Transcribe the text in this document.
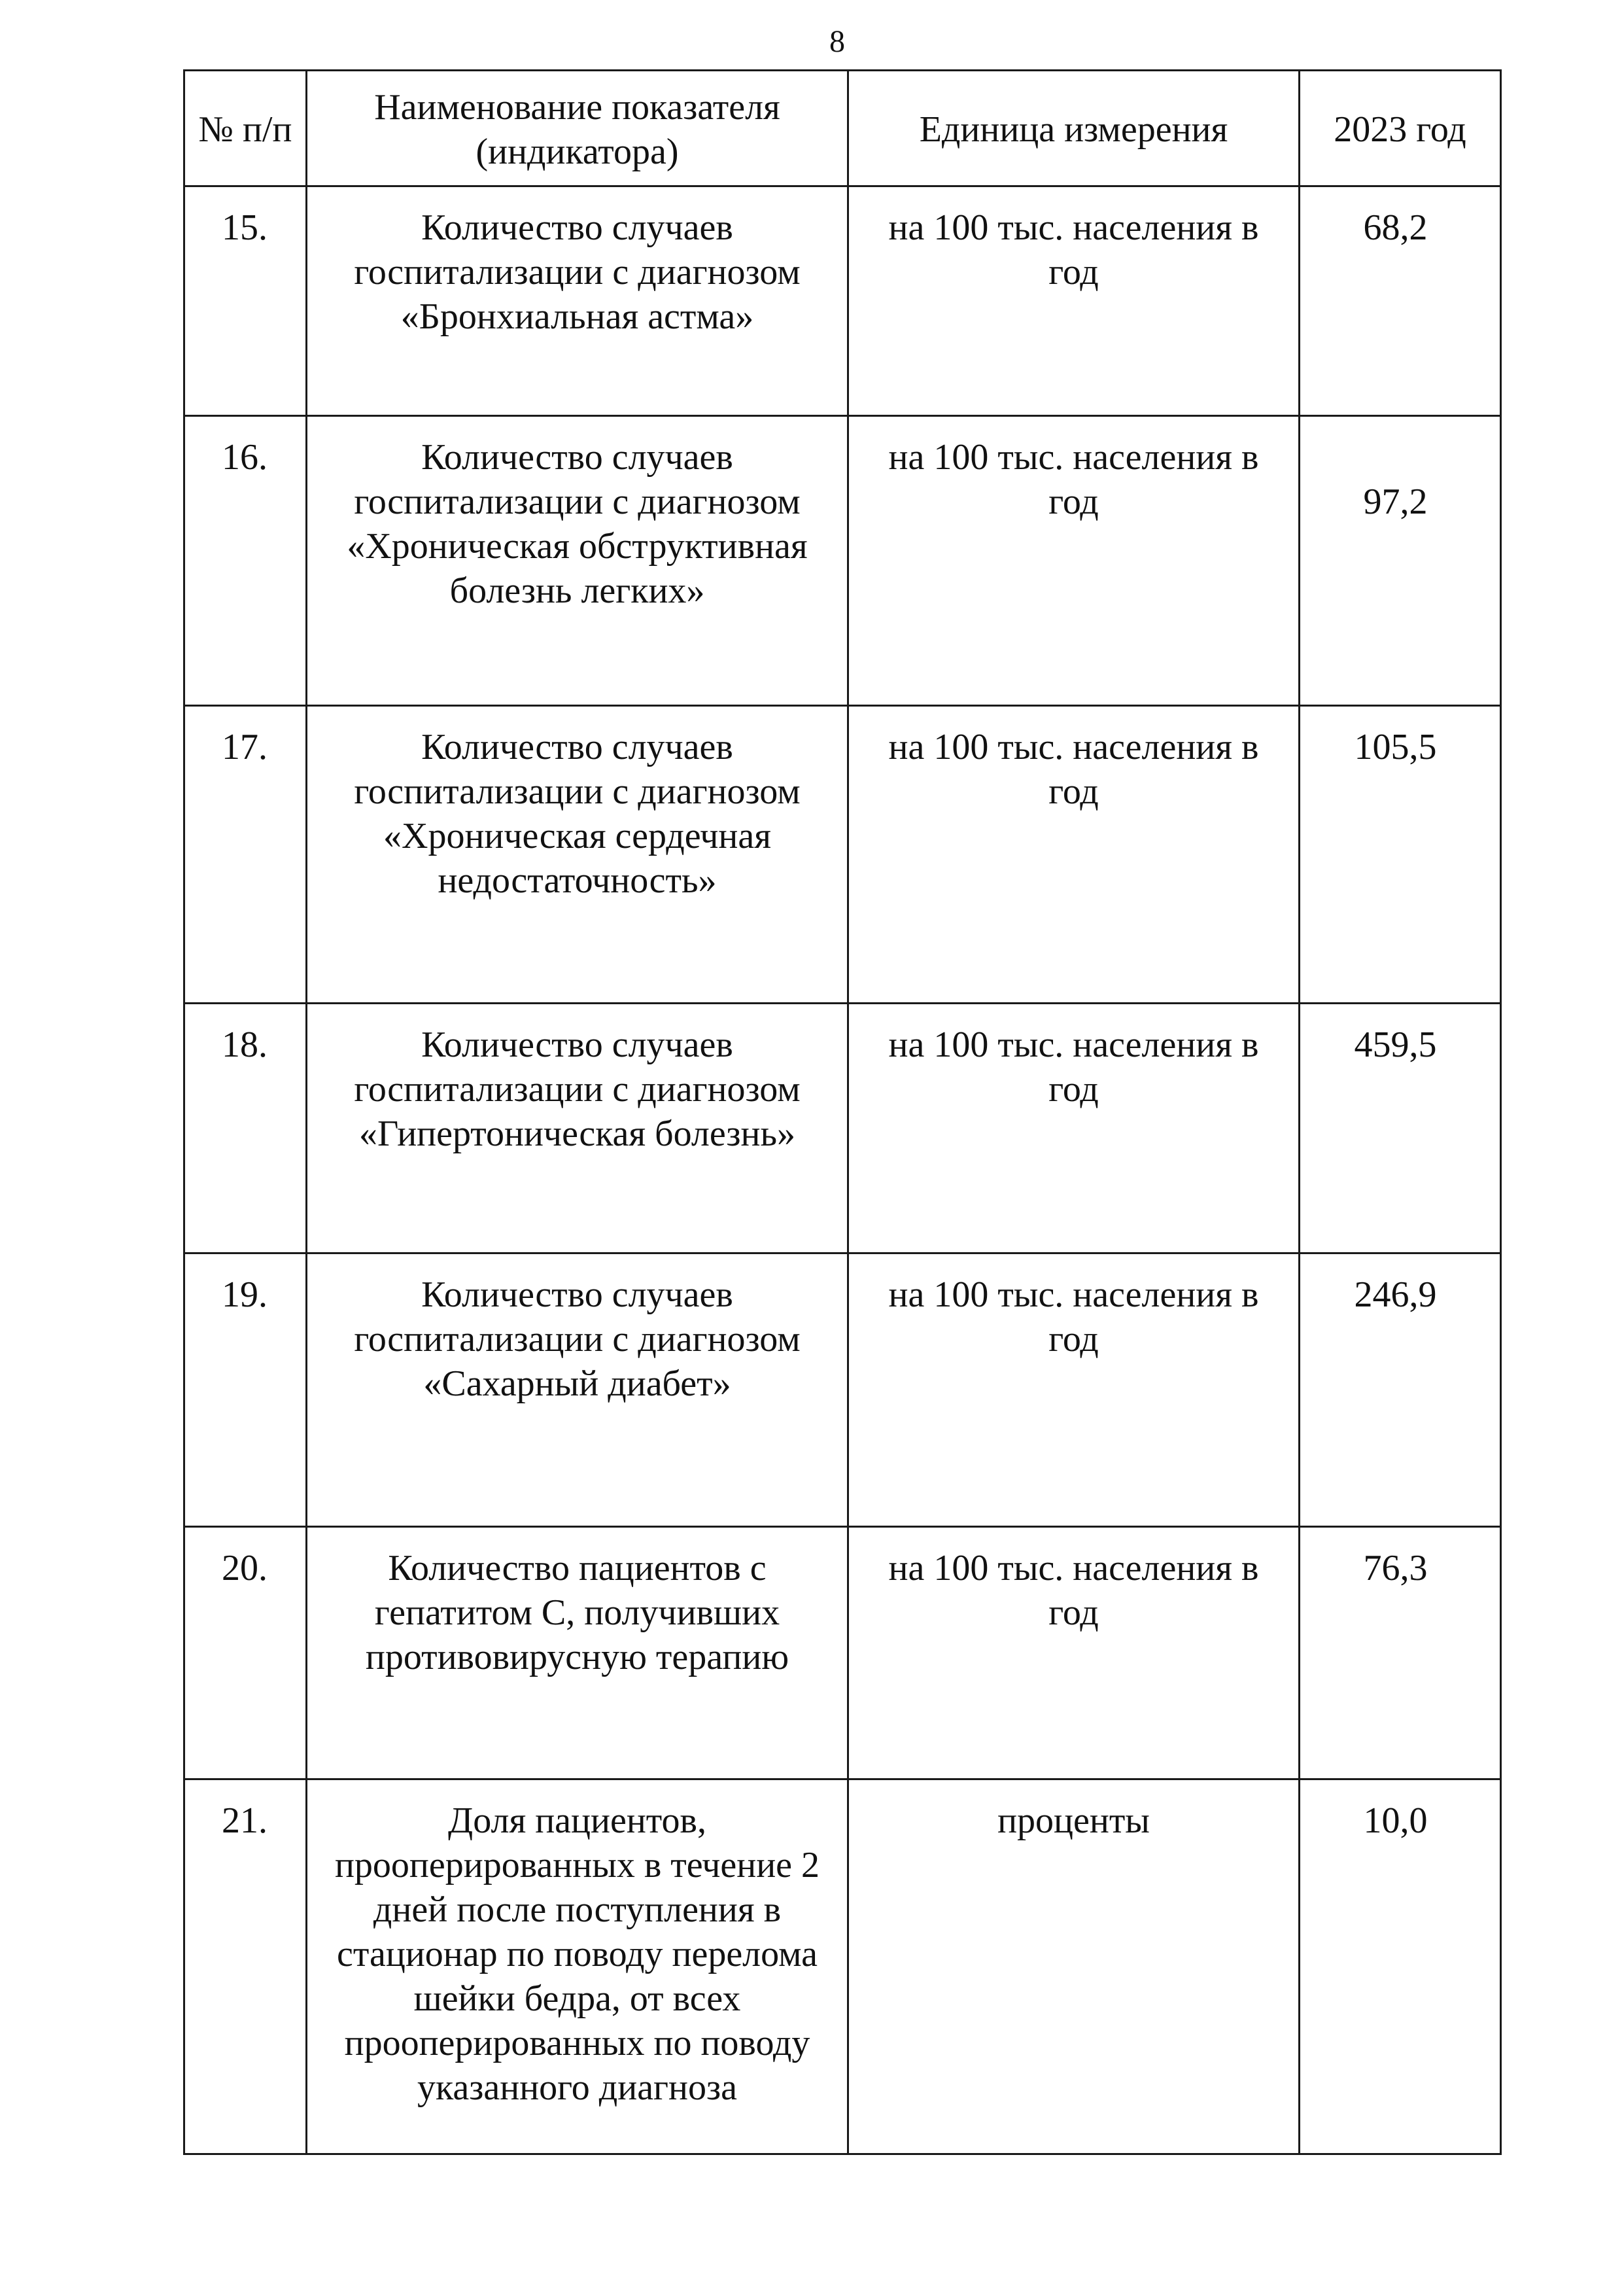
8
№ п/п	Наименование показателя (индикатора)	Единица измерения	2023 год
15.	Количество случаев госпитализации с диагнозом «Бронхиальная астма»	на 100 тыс. населения в год	68,2

16.	Количество случаев госпитализации с диагнозом «Хроническая обструктивная болезнь легких»	на 100 тыс. населения в год	97,2

17.	Количество случаев госпитализации с диагнозом «Хроническая сердечная недостаточность»	на 100 тыс. населения в год	105,5

18.	Количество случаев госпитализации с диагнозом «Гипертоническая болезнь»	на 100 тыс. населения в год	459,5

19.	Количество случаев госпитализации с диагнозом «Сахарный диабет»	на 100 тыс. населения в год	246,9

20.	Количество пациентов с гепатитом С, получивших противовирусную терапию	на 100 тыс. населения в год	76,3

21.	Доля пациентов, прооперированных в течение 2 дней после поступления в стационар по поводу перелома шейки бедра, от всех прооперированных по поводу указанного диагноза	проценты	10,0
